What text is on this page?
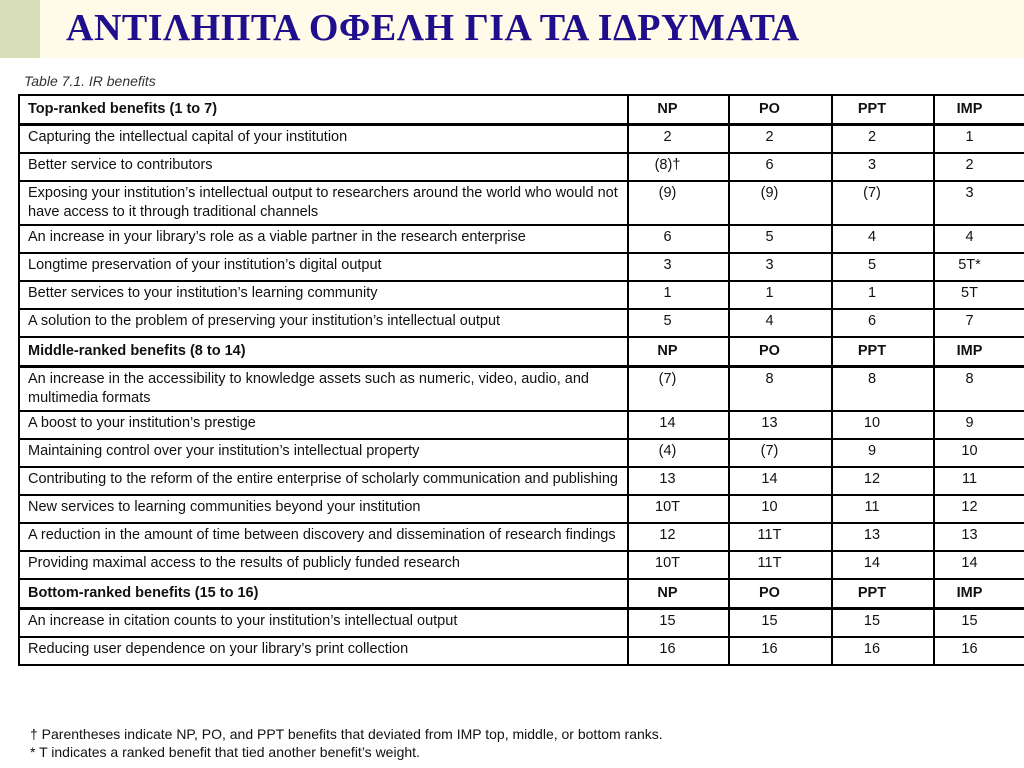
ΑΝΤΙΛΗΠΤΑ ΟΦΕΛΗ ΓΙΑ ΤΑ ΙΔΡΥΜΑΤΑ
Table 7.1. IR benefits
Top-ranked benefits (1 to 7)	NP	PO	PPT	IMP
Capturing the intellectual capital of your institution	2	2	2	1
Better service to contributors	(8)†	6	3	2
Exposing your institution’s intellectual output to researchers around the world who would not have access to it through traditional channels	(9)	(9)	(7)	3
An increase in your library’s role as a viable partner in the research enterprise	6	5	4	4
Longtime preservation of your institution’s digital output	3	3	5	5T*
Better services to your institution’s learning community	1	1	1	5T
A solution to the problem of preserving your institution’s intellectual output	5	4	6	7
Middle-ranked benefits (8 to 14)	NP	PO	PPT	IMP
An increase in the accessibility to knowledge assets such as numeric, video, audio, and multimedia formats	(7)	8	8	8
A boost to your institution’s prestige	14	13	10	9
Maintaining control over your institution’s intellectual property	(4)	(7)	9	10
Contributing to the reform of the entire enterprise of scholarly communication and publishing	13	14	12	11
New services to learning communities beyond your institution	10T	10	11	12
A reduction in the amount of time between discovery and dissemination of research findings	12	11T	13	13
Providing maximal access to the results of publicly funded research	10T	11T	14	14
Bottom-ranked benefits (15 to 16)	NP	PO	PPT	IMP
An increase in citation counts to your institution’s intellectual output	15	15	15	15
Reducing user dependence on your library’s print collection	16	16	16	16
† Parentheses indicate NP, PO, and PPT benefits that deviated from IMP top, middle, or bottom ranks.
* T indicates a ranked benefit that tied another benefit’s weight.
